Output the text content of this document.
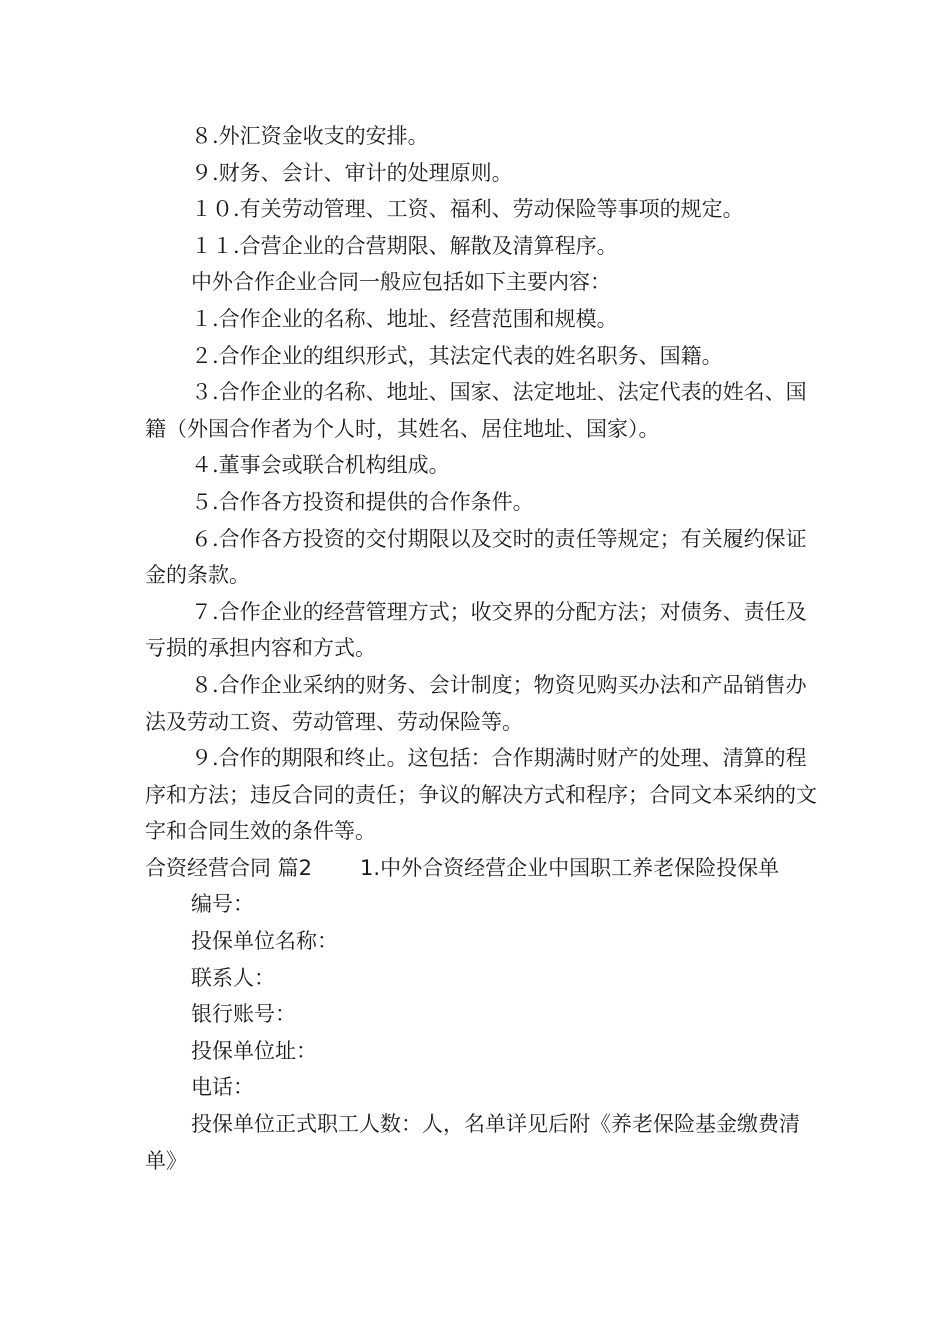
８.外汇资金收支的安排。

９.财务、会计、审计的处理原则。

１０.有关劳动管理、工资、福利、劳动保险等事项的规定。

１１.合营企业的合营期限、解散及清算程序。

中外合作企业合同一般应包括如下主要内容：

１.合作企业的名称、地址、经营范围和规模。

２.合作企业的组织形式，其法定代表的姓名职务、国籍。

３.合作企业的名称、地址、国家、法定地址、法定代表的姓名、国籍（外国合作者为个人时，其姓名、居住地址、国家）。

４.董事会或联合机构组成。

５.合作各方投资和提供的合作条件。

６.合作各方投资的交付期限以及交时的责任等规定；有关履约保证金的条款。

７.合作企业的经营管理方式；收交界的分配方法；对债务、责任及亏损的承担内容和方式。

８.合作企业采纳的财务、会计制度；物资见购买办法和产品销售办法及劳动工资、劳动管理、劳动保险等。

９.合作的期限和终止。这包括：合作期满时财产的处理、清算的程序和方法；违反合同的责任；争议的解决方式和程序；合同文本采纳的文字和合同生效的条件等。

合资经营合同 篇2 1.中外合资经营企业中国职工养老保险投保单

编号：

投保单位名称：

联系人：

银行账号：

投保单位址：

电话：

投保单位正式职工人数：人，名单详见后附《养老保险基金缴费清单》
